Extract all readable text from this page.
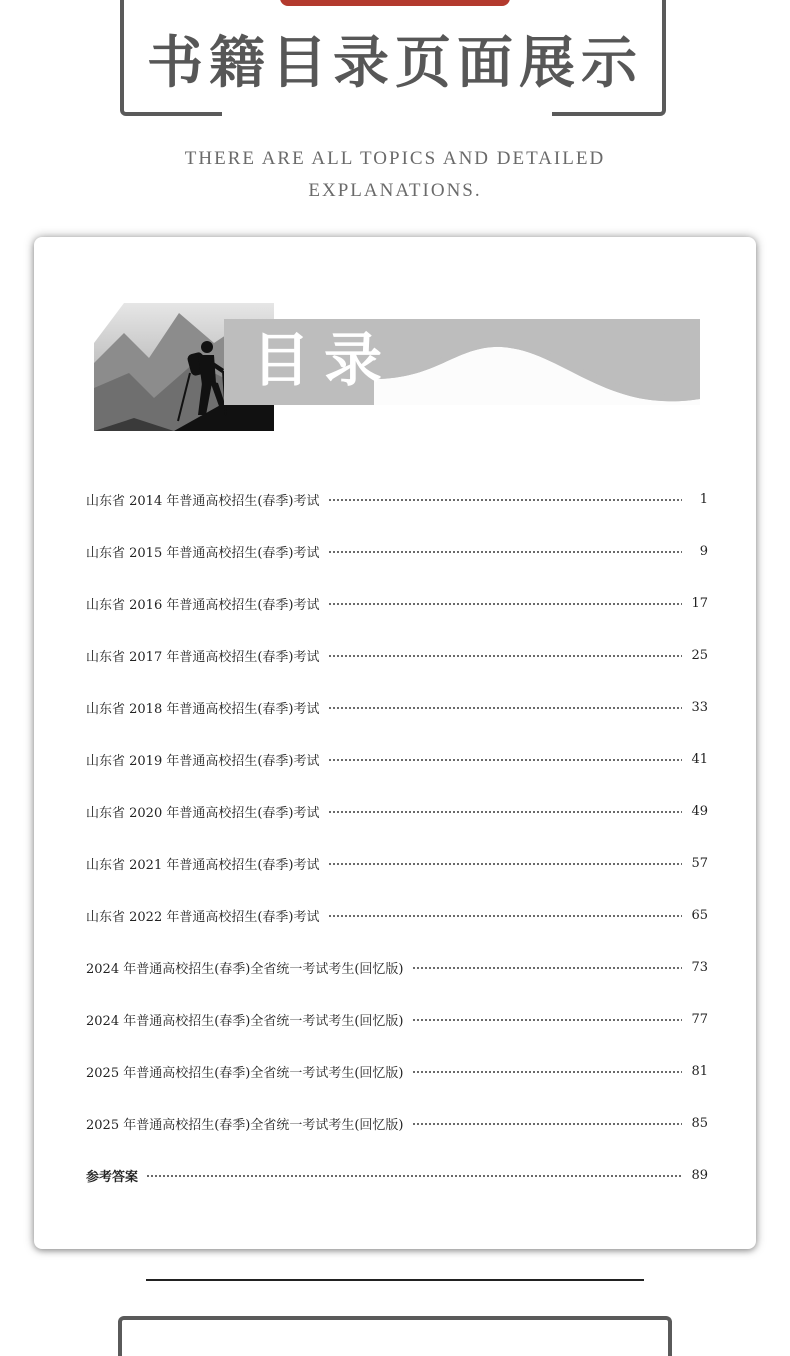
书籍目录页面展示
THERE ARE ALL TOPICS AND DETAILED
EXPLANATIONS.
目录
山东省 2014 年普通高校招生(春季)考试	1
山东省 2015 年普通高校招生(春季)考试	9
山东省 2016 年普通高校招生(春季)考试	17
山东省 2017 年普通高校招生(春季)考试	25
山东省 2018 年普通高校招生(春季)考试	33
山东省 2019 年普通高校招生(春季)考试	41
山东省 2020 年普通高校招生(春季)考试	49
山东省 2021 年普通高校招生(春季)考试	57
山东省 2022 年普通高校招生(春季)考试	65
2024 年普通高校招生(春季)全省统一考试考生(回忆版)	73
2024 年普通高校招生(春季)全省统一考试考生(回忆版)	77
2025 年普通高校招生(春季)全省统一考试考生(回忆版)	81
2025 年普通高校招生(春季)全省统一考试考生(回忆版)	85
参考答案	89
